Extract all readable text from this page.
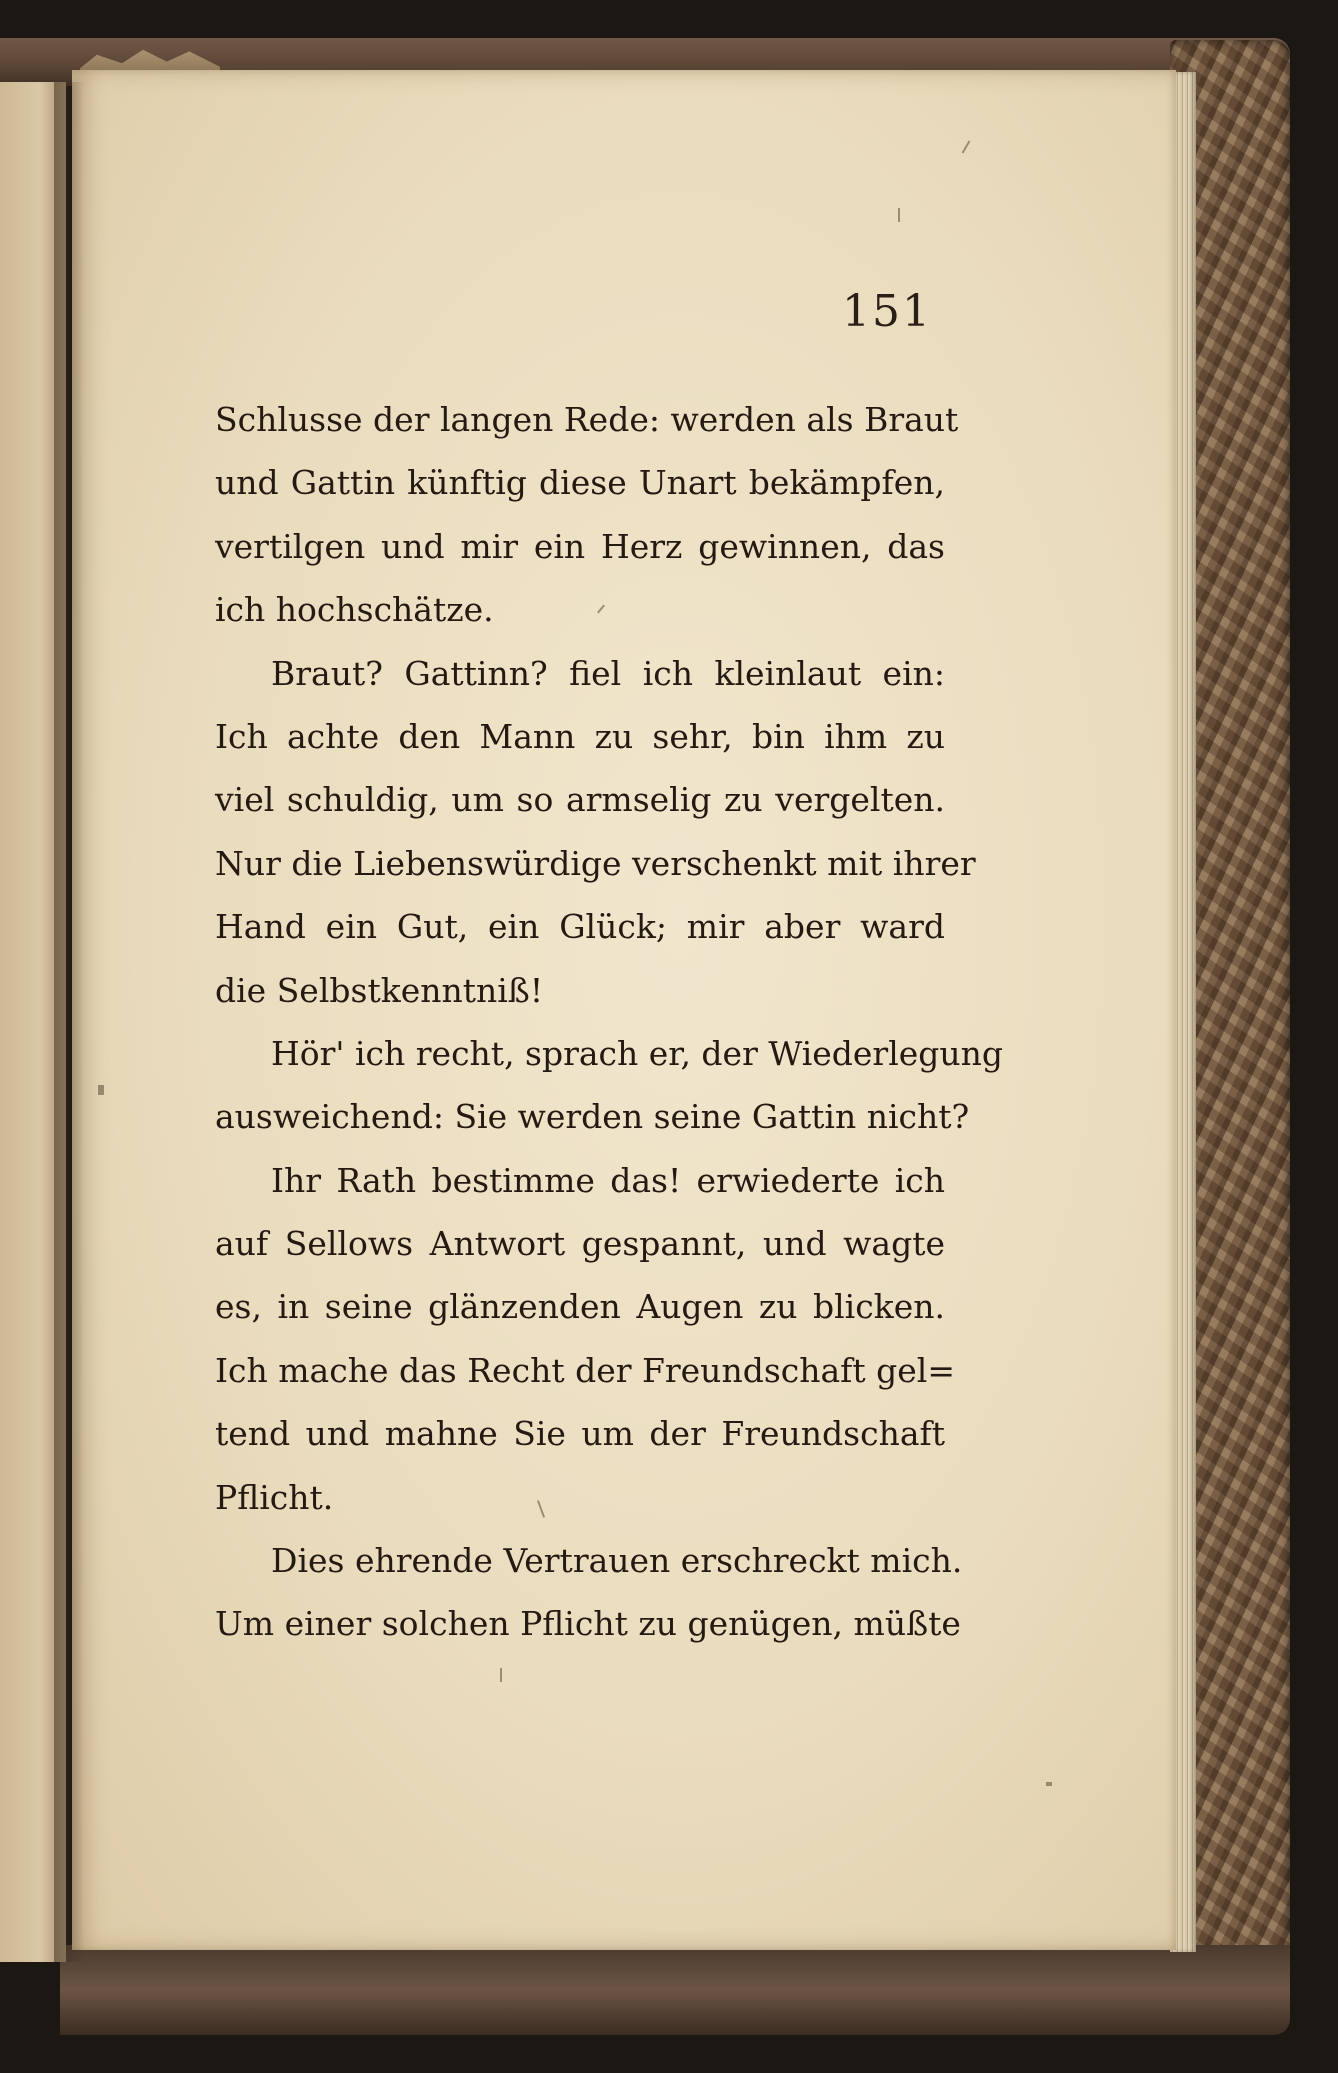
151
Schlusse der langen Rede: werden als Braut
und Gattin künftig diese Unart bekämpfen,
vertilgen und mir ein Herz gewinnen, das
ich hochschätze.
Braut? Gattinn? fiel ich kleinlaut ein:
Ich achte den Mann zu sehr, bin ihm zu
viel schuldig, um so armselig zu vergelten.
Nur die Liebenswürdige verschenkt mit ihrer
Hand ein Gut, ein Glück; mir aber ward
die Selbstkenntniß!
Hör' ich recht, sprach er, der Wiederlegung
ausweichend: Sie werden seine Gattin nicht?
Ihr Rath bestimme das! erwiederte ich
auf Sellows Antwort gespannt, und wagte
es, in seine glänzenden Augen zu blicken.
Ich mache das Recht der Freundschaft gel=
tend und mahne Sie um der Freundschaft
Pflicht.
Dies ehrende Vertrauen erschreckt mich.
Um einer solchen Pflicht zu genügen, müßte
